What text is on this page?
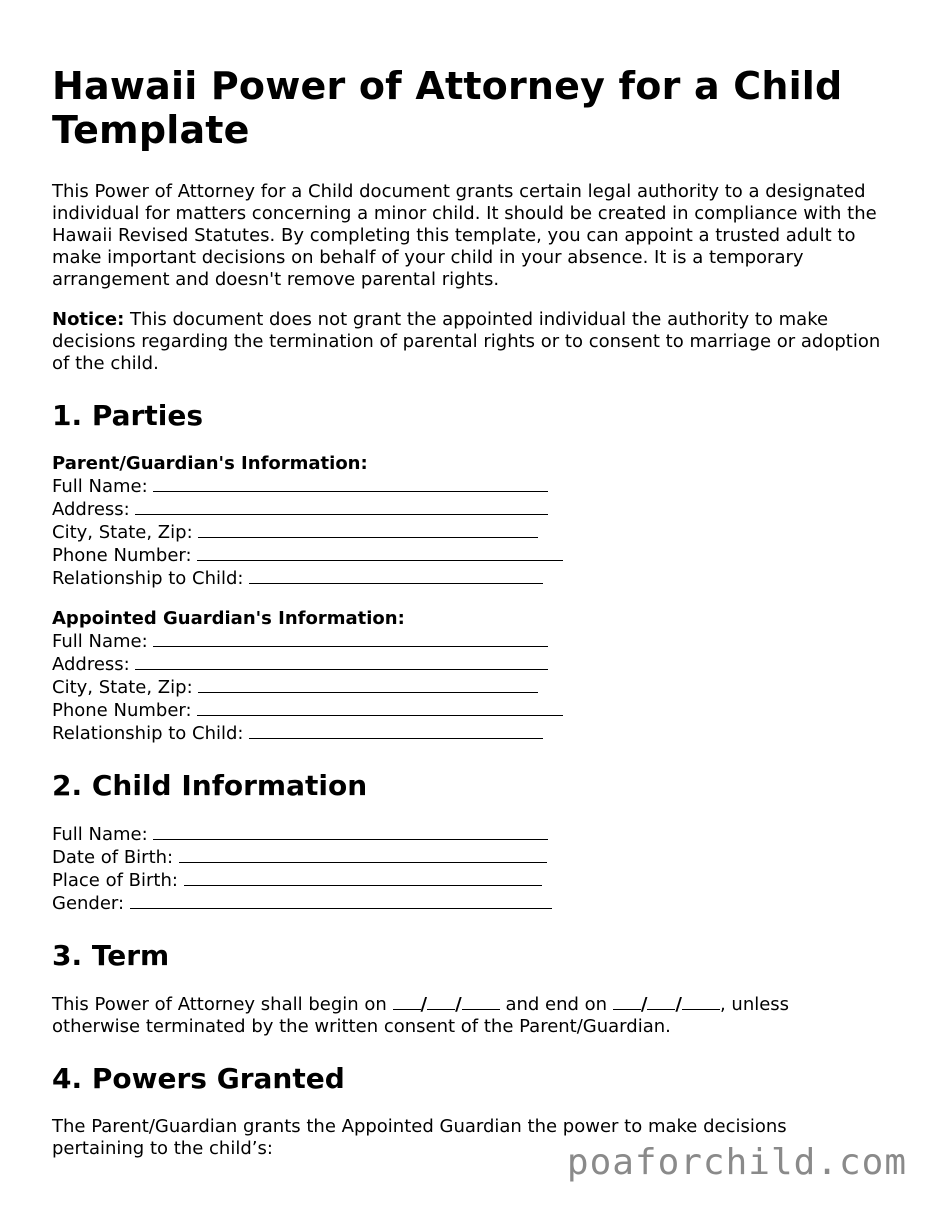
Hawaii Power of Attorney for a Child Template

This Power of Attorney for a Child document grants certain legal authority to a designated individual for matters concerning a minor child. It should be created in compliance with the Hawaii Revised Statutes. By completing this template, you can appoint a trusted adult to make important decisions on behalf of your child in your absence. It is a temporary arrangement and doesn't remove parental rights.

Notice: This document does not grant the appointed individual the authority to make decisions regarding the termination of parental rights or to consent to marriage or adoption of the child.

1. Parties
Parent/Guardian's Information:
Full Name:
Address:
City, State, Zip:
Phone Number:
Relationship to Child:
Appointed Guardian's Information:
Full Name:
Address:
City, State, Zip:
Phone Number:
Relationship to Child:
2. Child Information
Full Name:
Date of Birth:
Place of Birth:
Gender:
3. Term
This Power of Attorney shall begin on / / and end on / / , unless
otherwise terminated by the written consent of the Parent/Guardian.
4. Powers Granted

The Parent/Guardian grants the Appointed Guardian the power to make decisions pertaining to the child’s:	poaforchild.com
